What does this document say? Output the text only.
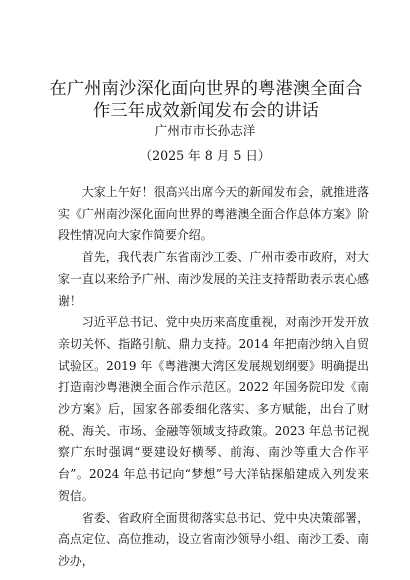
在广州南沙深化面向世界的粤港澳全面合作三年成效新闻发布会的讲话
广州市市长孙志洋
（2025 年 8 月 5 日）

大家上午好！很高兴出席今天的新闻发布会，就推进落实《广州南沙深化面向世界的粤港澳全面合作总体方案》阶段性情况向大家作简要介绍。

首先，我代表广东省南沙工委、广州市委市政府，对大家一直以来给予广州、南沙发展的关注支持帮助表示衷心感谢！

习近平总书记、党中央历来高度重视，对南沙开发开放亲切关怀、指路引航、鼎力支持。2014 年把南沙纳入自贸试验区。2019 年《粤港澳大湾区发展规划纲要》明确提出打造南沙粤港澳全面合作示范区。2022 年国务院印发《南沙方案》后，国家各部委细化落实、多方赋能，出台了财税、海关、市场、金融等领域支持政策。2023 年总书记视察广东时强调“要建设好横琴、前海、南沙等重大合作平台”。2024 年总书记向“梦想”号大洋钻探船建成入列发来贺信。

省委、省政府全面贯彻落实总书记、党中央决策部署，高点定位、高位推动，设立省南沙领导小组、南沙工委、南沙办，
